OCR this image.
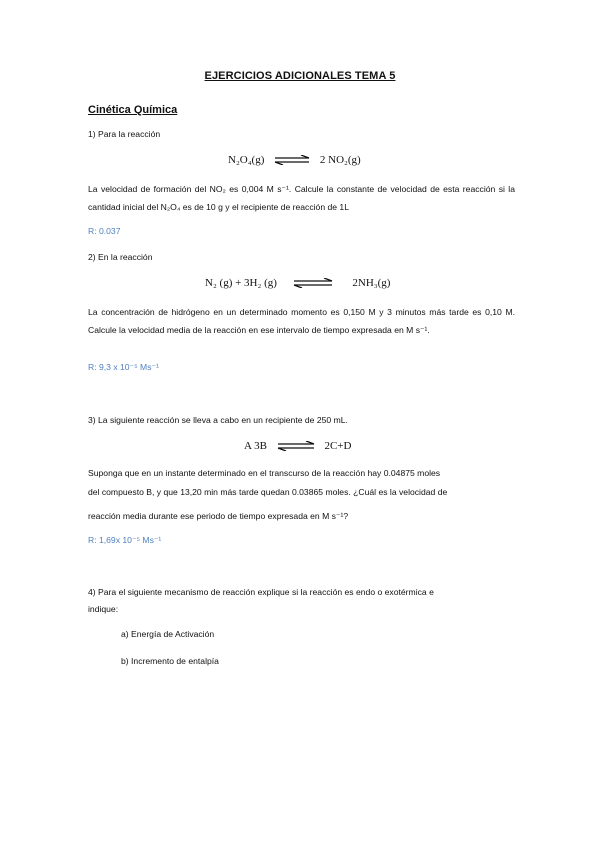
EJERCICIOS ADICIONALES TEMA 5
Cinética Química
1) Para la reacción
N₂O₄(g) ⇌ 2 NO₂(g)
La velocidad de formación del NO₂ es 0,004 M s⁻¹. Calcule la constante de velocidad de esta reacción si la cantidad inicial del N₂O₄ es de 10 g y el recipiente de reacción de 1L
R: 0.037
2) En la reacción
N₂ (g) + 3H₂ (g)	2NH₃(g)
La concentración de hidrógeno en un determinado momento es 0,150 M y 3 minutos más tarde es 0,10 M. Calcule la velocidad media de la reacción en ese intervalo de tiempo expresada en M s⁻¹.
R: 9,3 x 10⁻⁵ Ms⁻¹
3) La siguiente reacción se lleva a cabo en un recipiente de 250 mL.
A 3B ⇌ 2C+D
Suponga que en un instante determinado en el transcurso de la reacción hay 0.04875 moles
del compuesto B, y que 13,20 min más tarde quedan 0.03865 moles. ¿Cuál es la velocidad de
reacción media durante ese periodo de tiempo expresada en M s⁻¹?
R: 1,69x 10⁻⁵ Ms⁻¹
4) Para el siguiente mecanismo de reacción explique si la reacción es endo o exotérmica e
indique:
a) Energía de Activación
b) Incremento de entalpía
